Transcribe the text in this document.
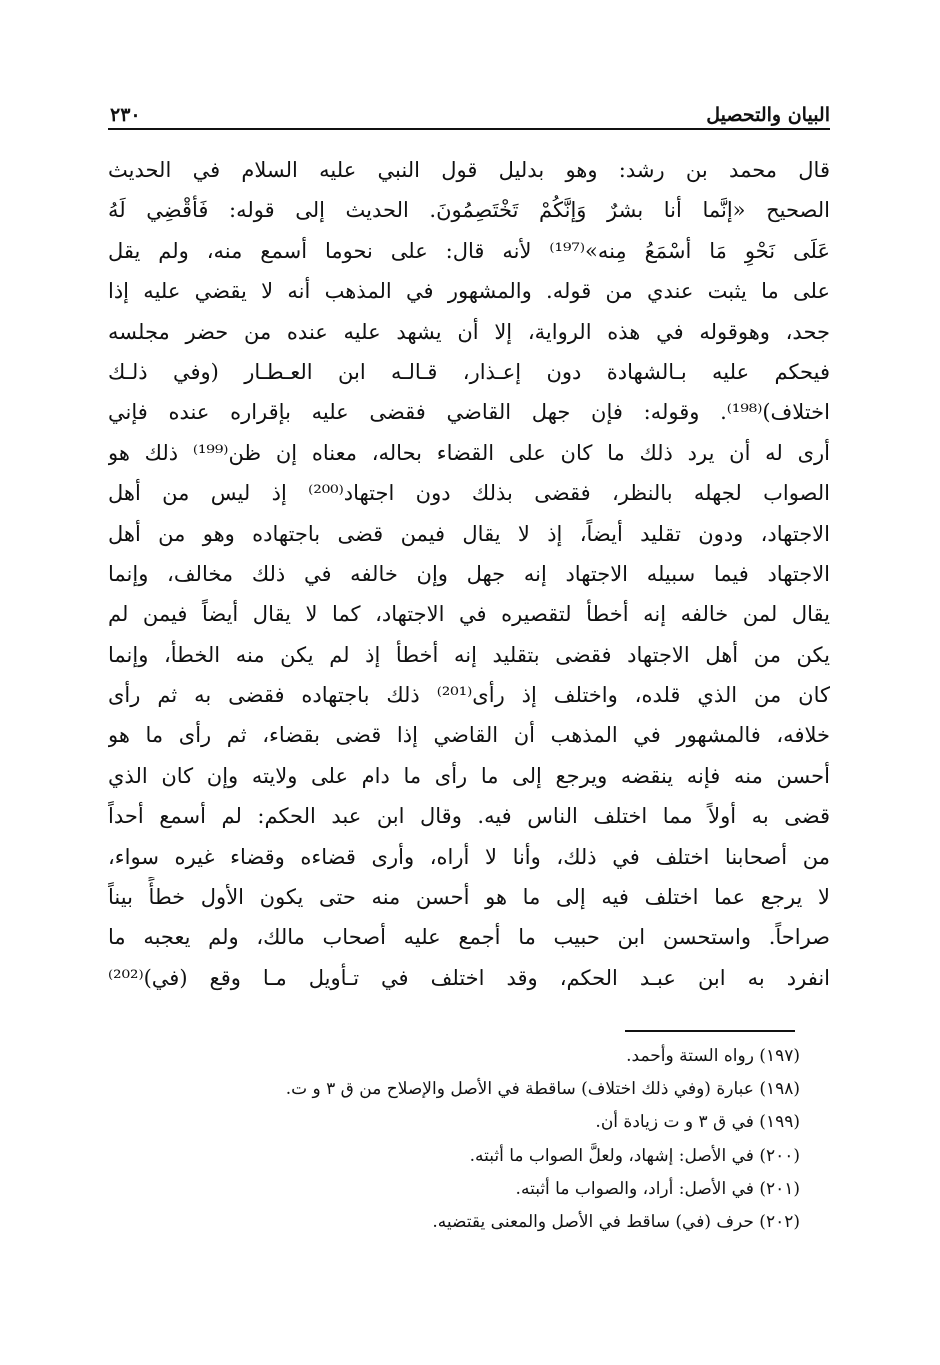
البيان والتحصيل
٢٣٠
قال محمد بن رشد: وهو بدليل قول النبي عليه السلام في الحديث
الصحيح «إنَّما أنا بشرٌ وَإنَّكُمْ تَخْتَصِمُونَ. الحديث إلى قوله: فَأقْضِي لَهُ
عَلَى نَحْوِ مَا أسْمَعُ مِنه»⁽¹⁹⁷⁾ لأنه قال: على نحوما أسمع منه، ولم يقل
على ما يثبت عندي من قوله. والمشهور في المذهب أنه لا يقضي عليه إذا
جحد، وهوقوله في هذه الرواية، إلا أن يشهد عليه عنده من حضر مجلسه
فيحكم عليه بـالشهادة دون إعـذار، قـالـه ابن العـطـار (وفي ذلـك
اختلاف)⁽¹⁹⁸⁾. وقوله: فإن جهل القاضي فقضى عليه بإقراره عنده فإني
أرى له أن يرد ذلك ما كان على القضاء بحاله، معناه إن ظن⁽¹⁹⁹⁾ ذلك هو
الصواب لجهله بالنظر، فقضى بذلك دون اجتهاد⁽²⁰⁰⁾ إذ ليس من أهل
الاجتهاد، ودون تقليد أيضاً، إذ لا يقال فيمن قضى باجتهاده وهو من أهل
الاجتهاد فيما سبيله الاجتهاد إنه جهل وإن خالفه في ذلك مخالف، وإنما
يقال لمن خالفه إنه أخطأ لتقصيره في الاجتهاد، كما لا يقال أيضاً فيمن لم
يكن من أهل الاجتهاد فقضى بتقليد إنه أخطأ إذ لم يكن منه الخطأ، وإنما
كان من الذي قلده، واختلف إذ رأى⁽²⁰¹⁾ ذلك باجتهاده فقضى به ثم رأى
خلافه، فالمشهور في المذهب أن القاضي إذا قضى بقضاء، ثم رأى ما هو
أحسن منه فإنه ينقضه ويرجع إلى ما رأى ما دام على ولايته وإن كان الذي
قضى به أولاً مما اختلف الناس فيه. وقال ابن عبد الحكم: لم أسمع أحداً
من أصحابنا اختلف في ذلك، وأنا لا أراه، وأرى قضاءه وقضاء غيره سواء،
لا يرجع عما اختلف فيه إلى ما هو أحسن منه حتى يكون الأول خطأً بيناً
صراحاً. واستحسن ابن حبيب ما أجمع عليه أصحاب مالك، ولم يعجبه ما
انفرد به ابن عبـد الحكم، وقد اختلف في تـأويل مـا وقع (في)⁽²⁰²⁾
(١٩٧) رواه الستة وأحمد.
(١٩٨) عبارة (وفي ذلك اختلاف) ساقطة في الأصل والإصلاح من ق ٣ و ت.
(١٩٩) في ق ٣ و ت زيادة أن.
(٢٠٠) في الأصل: إشهاد، ولعلَّ الصواب ما أثبته.
(٢٠١) في الأصل: أراد، والصواب ما أثبته.
(٢٠٢) حرف (في) ساقط في الأصل والمعنى يقتضيه.
